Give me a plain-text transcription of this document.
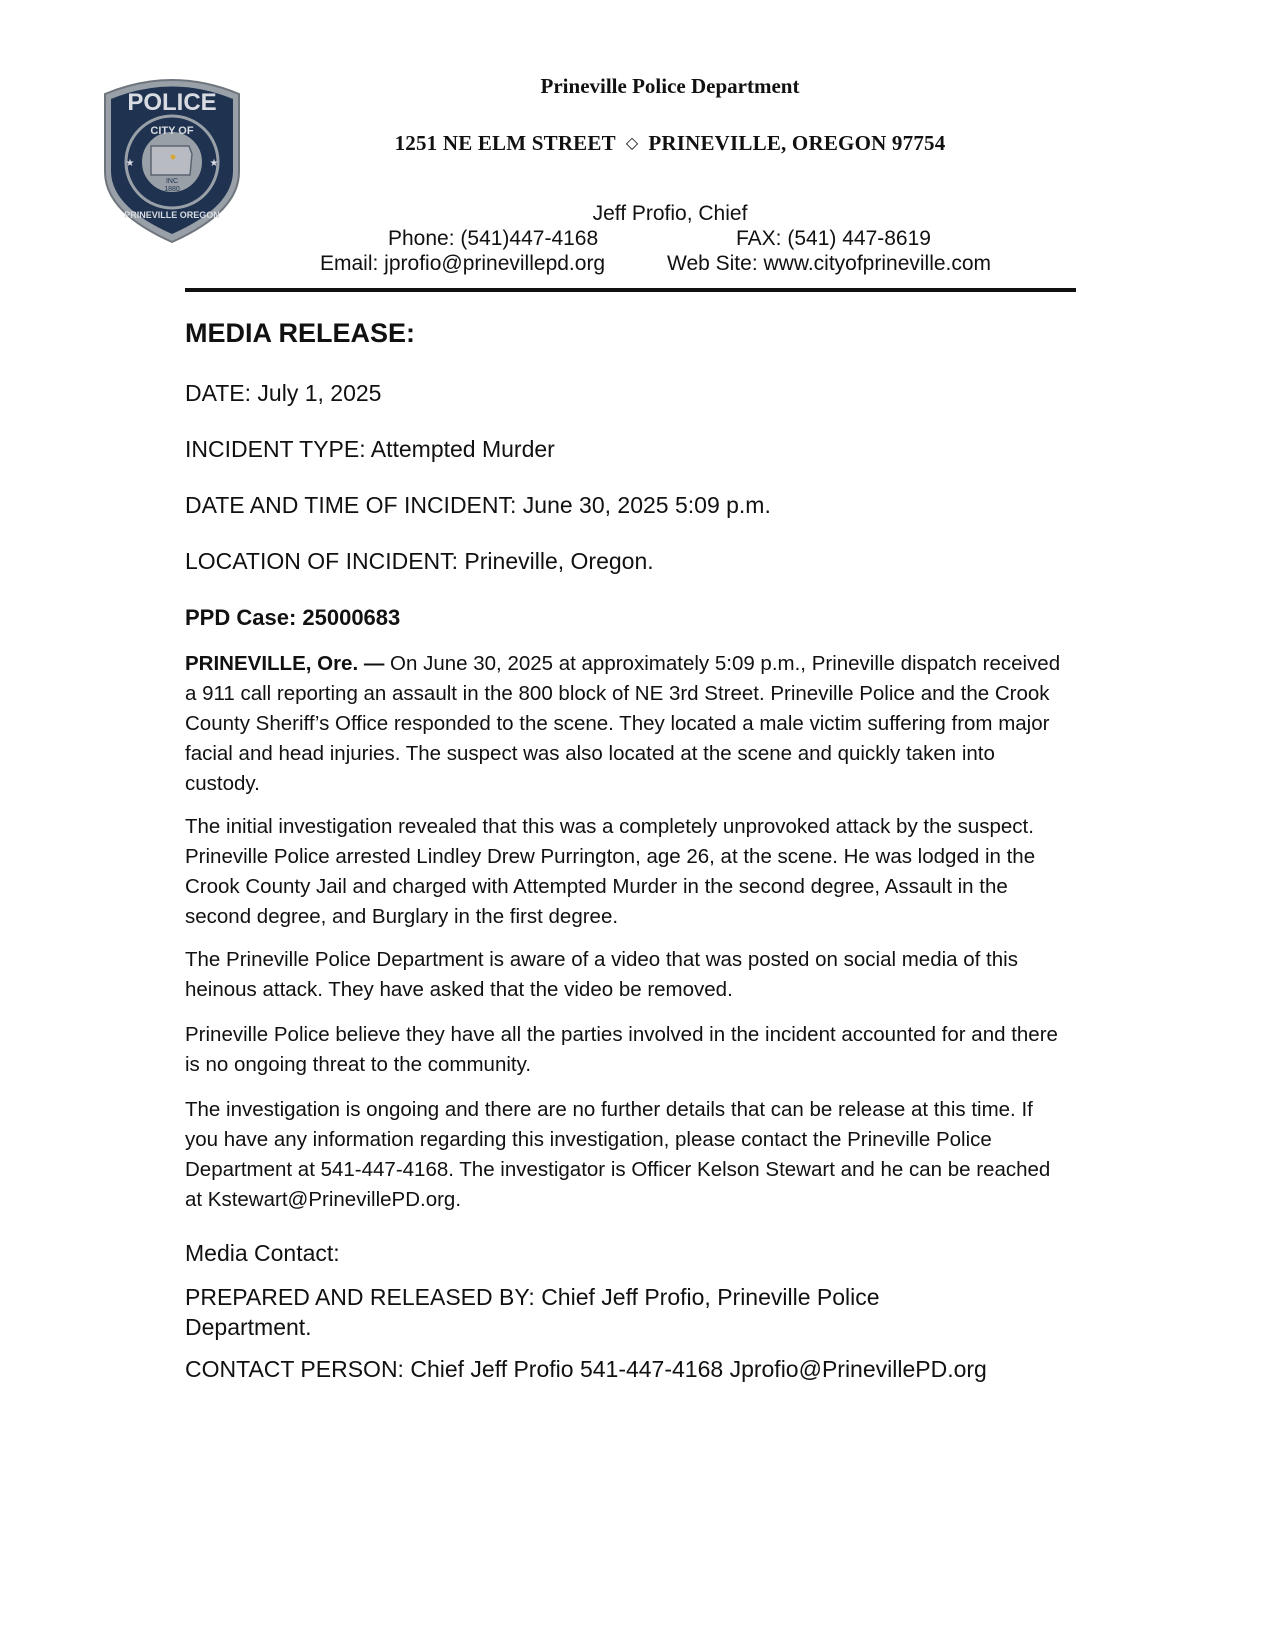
POLICE
CITY OF
PRINEVILLE OREGON
INC
1880
★	★
Prineville Police Department
1251 NE ELM STREET ◇ PRINEVILLE, OREGON 97754
Jeff Profio, Chief
Phone: (541)447-4168	FAX: (541) 447-8619
Email: jprofio@prinevillepd.org	Web Site: www.cityofprineville.com
MEDIA RELEASE:
DATE: July 1, 2025
INCIDENT TYPE: Attempted Murder
DATE AND TIME OF INCIDENT: June 30, 2025 5:09 p.m.
LOCATION OF INCIDENT: Prineville, Oregon.
PPD Case: 25000683
PRINEVILLE, Ore. — On June 30, 2025 at approximately 5:09 p.m., Prineville dispatch received a 911 call reporting an assault in the 800 block of NE 3rd Street. Prineville Police and the Crook County Sheriff’s Office responded to the scene. They located a male victim suffering from major facial and head injuries. The suspect was also located at the scene and quickly taken into custody.
The initial investigation revealed that this was a completely unprovoked attack by the suspect. Prineville Police arrested Lindley Drew Purrington, age 26, at the scene. He was lodged in the Crook County Jail and charged with Attempted Murder in the second degree, Assault in the second degree, and Burglary in the first degree.
The Prineville Police Department is aware of a video that was posted on social media of this heinous attack. They have asked that the video be removed.
Prineville Police believe they have all the parties involved in the incident accounted for and there is no ongoing threat to the community.
The investigation is ongoing and there are no further details that can be release at this time. If you have any information regarding this investigation, please contact the Prineville Police Department at 541-447-4168. The investigator is Officer Kelson Stewart and he can be reached at Kstewart@PrinevillePD.org.
Media Contact:
PREPARED AND RELEASED BY: Chief Jeff Profio, Prineville Police Department.
CONTACT PERSON: Chief Jeff Profio 541-447-4168 Jprofio@PrinevillePD.org
